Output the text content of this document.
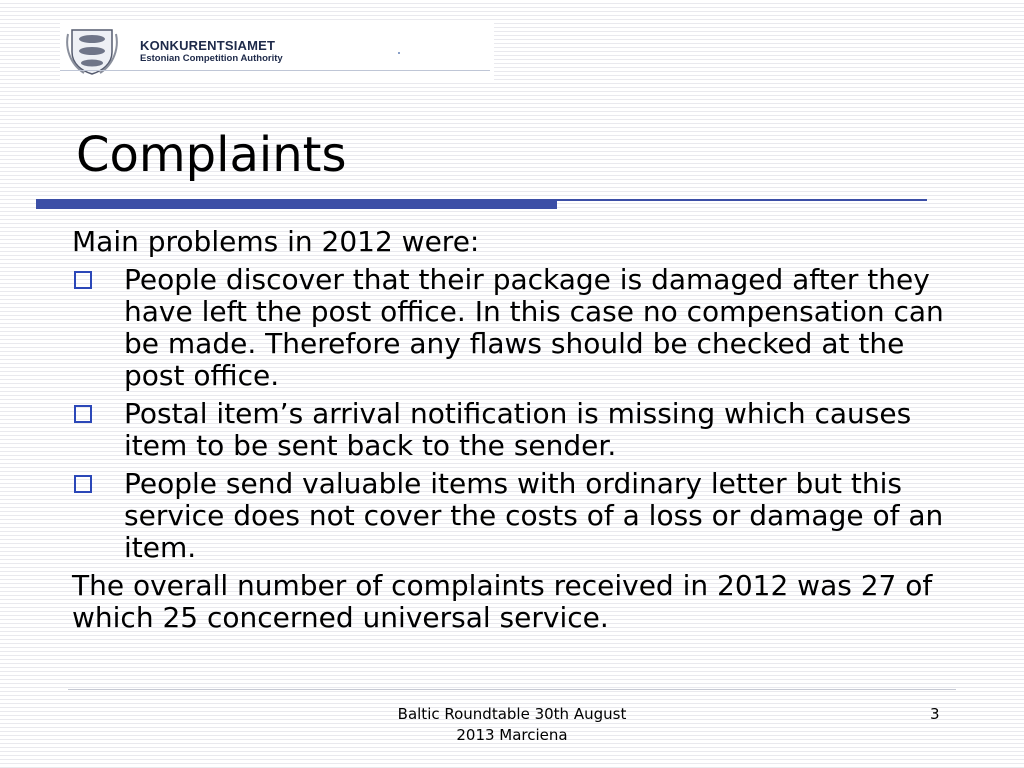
KONKURENTSIAMET
Estonian Competition Authority
Complaints

Main problems in 2012 were:

People discover that their package is damaged after they have left the post office. In this case no compensation can be made. Therefore any flaws should be checked at the post office.
Postal item’s arrival notification is missing which causes item to be sent back to the sender.
People send valuable items with ordinary letter but this service does not cover the costs of a loss or damage of an item.

The overall number of complaints received in 2012 was 27 of which 25 concerned universal service.

Baltic Roundtable 30th August
2013 Marciena
3
